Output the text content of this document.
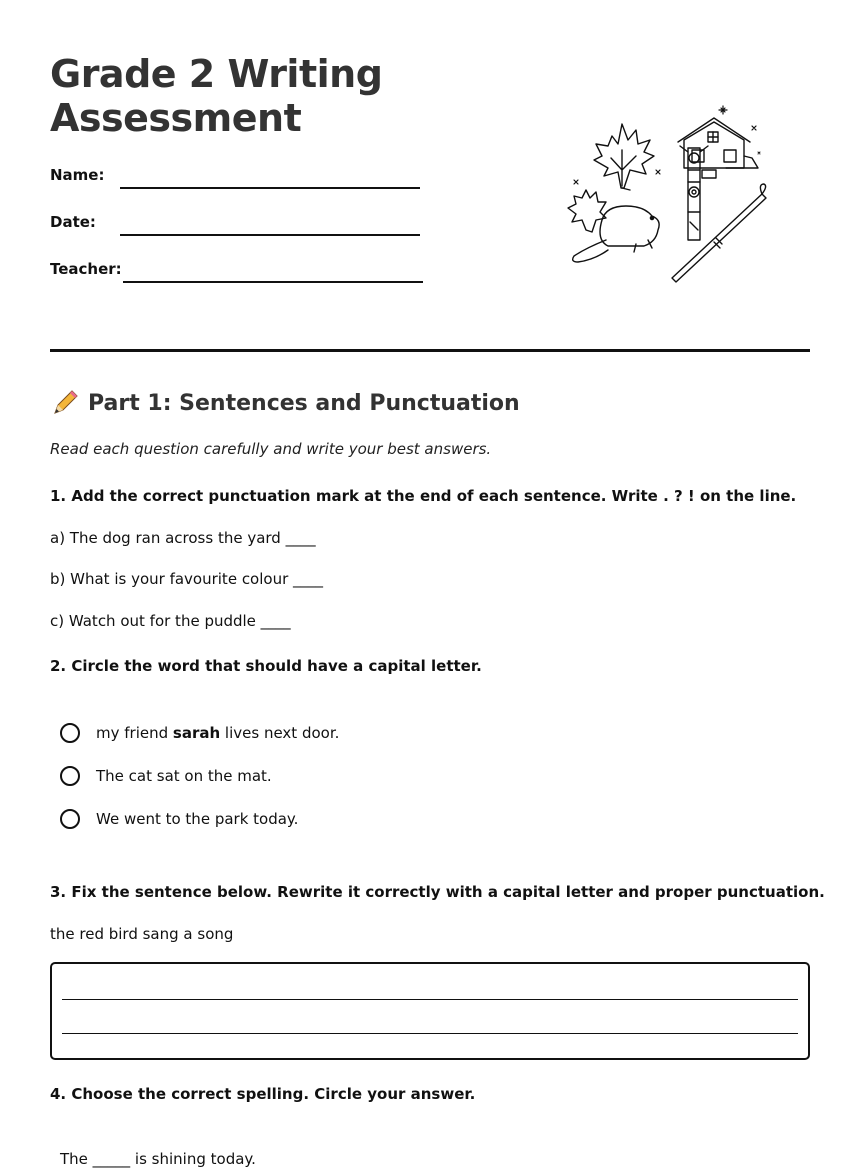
Grade 2 Writing Assessment
Name:
Date:
Teacher:
Part 1: Sentences and Punctuation
Read each question carefully and write your best answers.
1. Add the correct punctuation mark at the end of each sentence. Write . ? ! on the line.
a) The dog ran across the yard ____
b) What is your favourite colour ____
c) Watch out for the puddle ____
2. Circle the word that should have a capital letter.
my friend sarah lives next door.
The cat sat on the mat.
We went to the park today.
3. Fix the sentence below. Rewrite it correctly with a capital letter and proper punctuation.
the red bird sang a song
4. Choose the correct spelling. Circle your answer.
The _____ is shining today.
